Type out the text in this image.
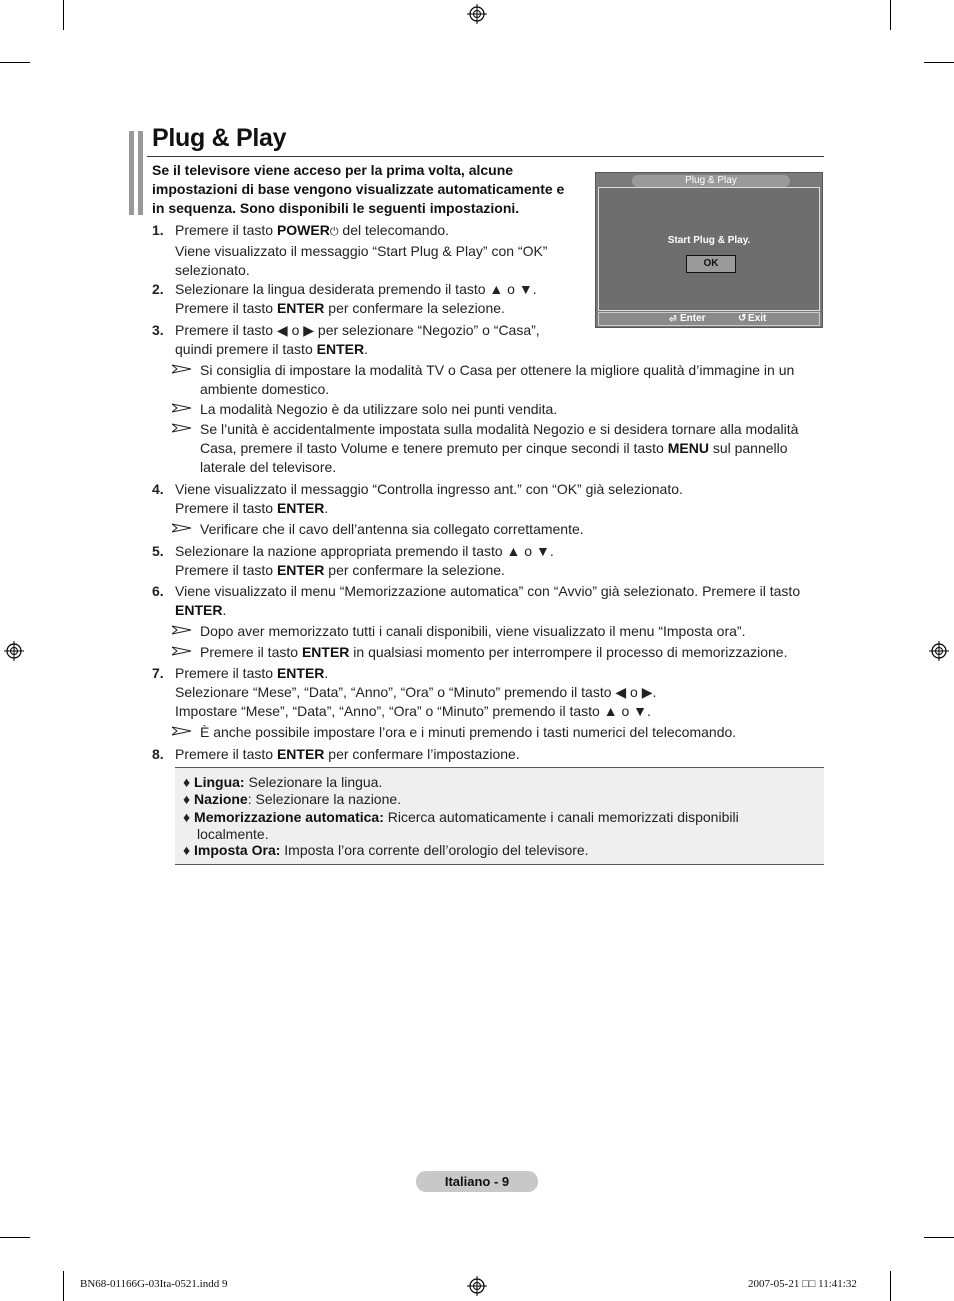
Plug & Play
Se il televisore viene acceso per la prima volta, alcune impostazioni di base vengono visualizzate automaticamente e in sequenza. Sono disponibili le seguenti impostazioni.
Plug & Play
Start Plug & Play.
OK
⏎ Enter	↺ Exit
1. Premere il tasto POWER⏻ del telecomando.
Viene visualizzato il messaggio “Start Plug & Play” con “OK”
selezionato.
2. Selezionare la lingua desiderata premendo il tasto ▲ o ▼.
Premere il tasto ENTER per confermare la selezione.
3. Premere il tasto ◀ o ▶ per selezionare “Negozio” o “Casa”,
quindi premere il tasto ENTER.
Si consiglia di impostare la modalità TV o Casa per ottenere la migliore qualità d’immagine in un
ambiente domestico.
La modalità Negozio è da utilizzare solo nei punti vendita.
Se l’unità è accidentalmente impostata sulla modalità Negozio e si desidera tornare alla modalità
Casa, premere il tasto Volume e tenere premuto per cinque secondi il tasto MENU sul pannello
laterale del televisore.
4. Viene visualizzato il messaggio “Controlla ingresso ant.” con “OK” già selezionato.
Premere il tasto ENTER.
Verificare che il cavo dell’antenna sia collegato correttamente.
5. Selezionare la nazione appropriata premendo il tasto ▲ o ▼.
Premere il tasto ENTER per confermare la selezione.
6. Viene visualizzato il menu “Memorizzazione automatica” con “Avvio” già selezionato. Premere il tasto
ENTER.
Dopo aver memorizzato tutti i canali disponibili, viene visualizzato il menu “Imposta ora”.
Premere il tasto ENTER in qualsiasi momento per interrompere il processo di memorizzazione.
7. Premere il tasto ENTER.
Selezionare “Mese”, “Data”, “Anno”, “Ora” o “Minuto” premendo il tasto ◀ o ▶.
Impostare “Mese”, “Data”, “Anno”, “Ora” o “Minuto” premendo il tasto ▲ o ▼.
È anche possibile impostare l’ora e i minuti premendo i tasti numerici del telecomando.
8. Premere il tasto ENTER per confermare l’impostazione.
♦ Lingua: Selezionare la lingua.
♦ Nazione: Selezionare la nazione.
♦ Memorizzazione automatica: Ricerca automaticamente i canali memorizzati disponibili
localmente.
♦ Imposta Ora: Imposta l’ora corrente dell’orologio del televisore.
Italiano - 9
BN68-01166G-03Ita-0521.indd 9	2007-05-21 □□ 11:41:32
